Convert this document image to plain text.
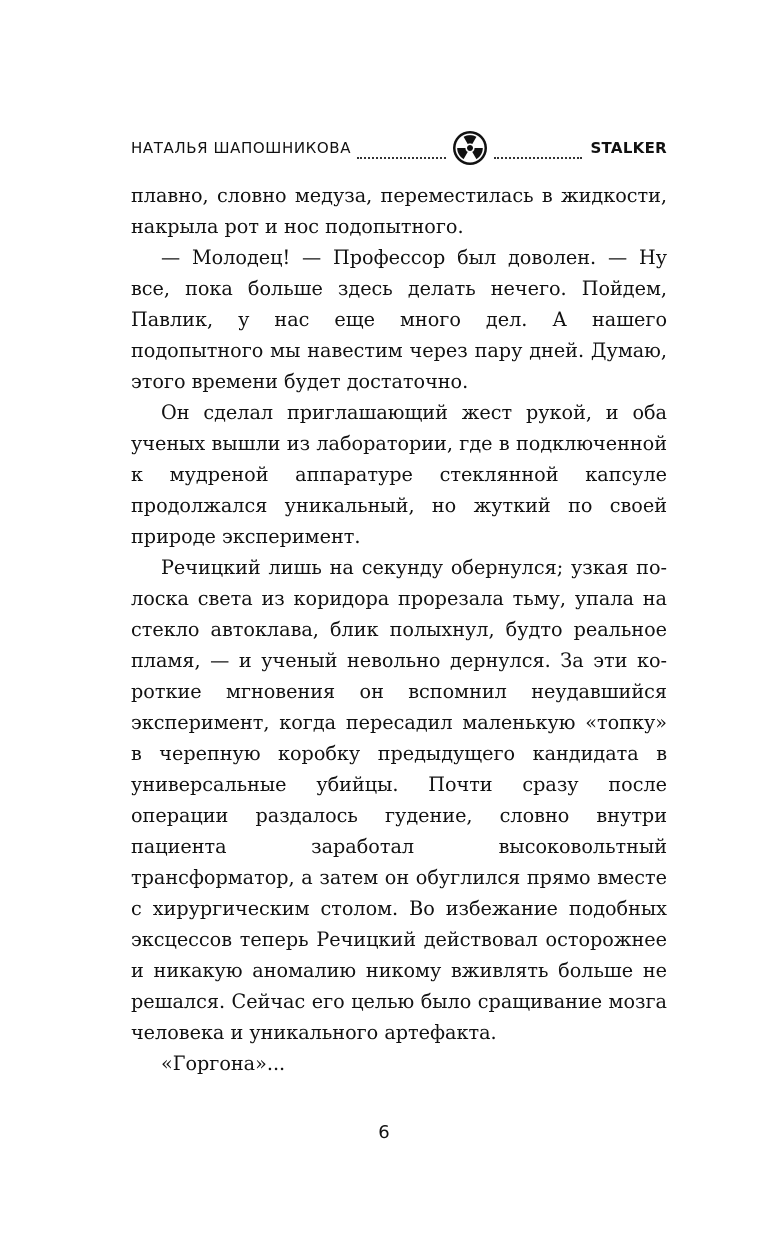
НАТАЛЬЯ ШАПОШНИКОВА	STALKER

плавно, словно медуза, переместилась в жидкости, накрыла рот и нос подопытного.

— Молодец! — Профессор был доволен. — Ну все, пока больше здесь делать нечего. Пойдем, Павлик, у нас еще много дел. А нашего подопытного мы навестим через пару дней. Думаю, этого времени будет достаточно.

Он сделал приглашающий жест рукой, и оба ученых вышли из лаборатории, где в подключенной к мудреной аппаратуре стеклянной капсуле продолжался уникальный, но жуткий по своей природе эксперимент.

Речицкий лишь на секунду обернулся; узкая полоска света из коридора прорезала тьму, упала на стекло автоклава, блик полыхнул, будто реальное пламя, — и ученый невольно дернулся. За эти короткие мгновения он вспомнил неудавшийся эксперимент, когда пересадил маленькую «топку» в черепную коробку предыдущего кандидата в универсальные убийцы. Почти сразу после операции раздалось гудение, словно внутри пациента заработал высоковольтный трансформатор, а затем он обуглился прямо вместе с хирургическим столом. Во избежание подобных эксцессов теперь Речицкий действовал осторожнее и никакую аномалию никому вживлять больше не решался. Сейчас его целью было сращивание мозга человека и уникального артефакта.

«Горгона»...

6
